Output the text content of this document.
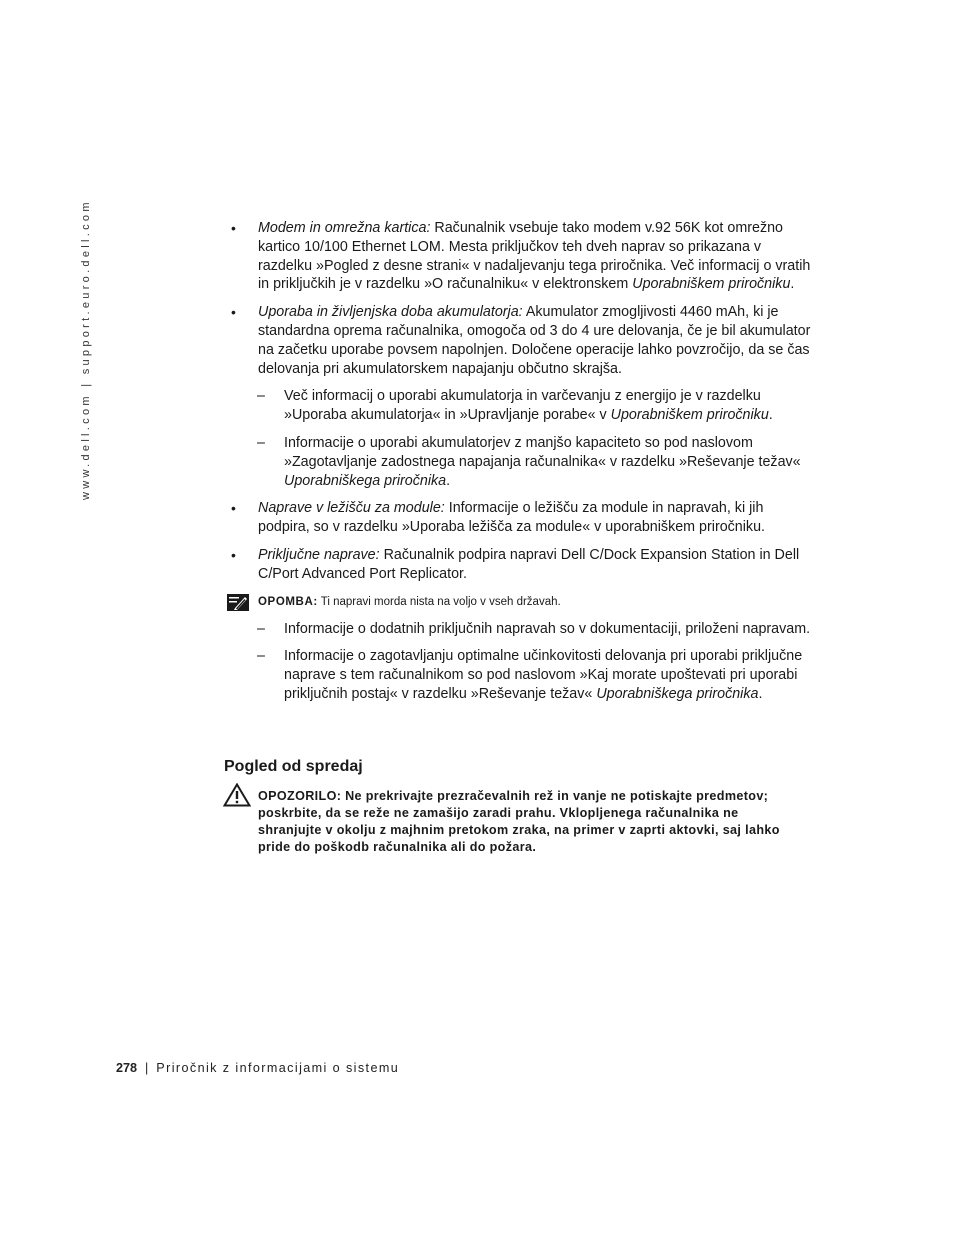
www.dell.com | support.euro.dell.com	• Modem in omrežna kartica: Računalnik vsebuje tako modem v.92 56K kot omrežno kartico 10/100 Ethernet LOM. Mesta priključkov teh dveh naprav so prikazana v razdelku »Pogled z desne strani« v nadaljevanju tega priročnika. Več informacij o vratih in priključkih je v razdelku »O računalniku« v elektronskem Uporabniškem priročniku.
• Uporaba in življenjska doba akumulatorja: Akumulator zmogljivosti 4460 mAh, ki je standardna oprema računalnika, omogoča od 3 do 4 ure delovanja, če je bil akumulator na začetku uporabe povsem napolnjen. Določene operacije lahko povzročijo, da se čas delovanja pri akumulatorskem napajanju občutno skrajša.
– Več informacij o uporabi akumulatorja in varčevanju z energijo je v razdelku »Uporaba akumulatorja« in »Upravljanje porabe« v Uporabniškem priročniku.
– Informacije o uporabi akumulatorjev z manjšo kapaciteto so pod naslovom »Zagotavljanje zadostnega napajanja računalnika« v razdelku »Reševanje težav« Uporabniškega priročnika.
• Naprave v ležišču za module: Informacije o ležišču za module in napravah, ki jih podpira, so v razdelku »Uporaba ležišča za module« v uporabniškem priročniku.
• Priključne naprave: Računalnik podpira napravi Dell C/Dock Expansion Station in Dell C/Port Advanced Port Replicator.
OPOMBA: Ti napravi morda nista na voljo v vseh državah.
– Informacije o dodatnih priključnih napravah so v dokumentaciji, priloženi napravam.
– Informacije o zagotavljanju optimalne učinkovitosti delovanja pri uporabi priključne naprave s tem računalnikom so pod naslovom »Kaj morate upoštevati pri uporabi priključnih postaj« v razdelku »Reševanje težav« Uporabniškega priročnika.
Pogled od spredaj
OPOZORILO: Ne prekrivajte prezračevalnih rež in vanje ne potiskajte predmetov; poskrbite, da se reže ne zamašijo zaradi prahu. Vklopljenega računalnika ne shranjujte v okolju z majhnim pretokom zraka, na primer v zaprti aktovki, saj lahko pride do poškodb računalnika ali do požara.
278 | Priročnik z informacijami o sistemu
